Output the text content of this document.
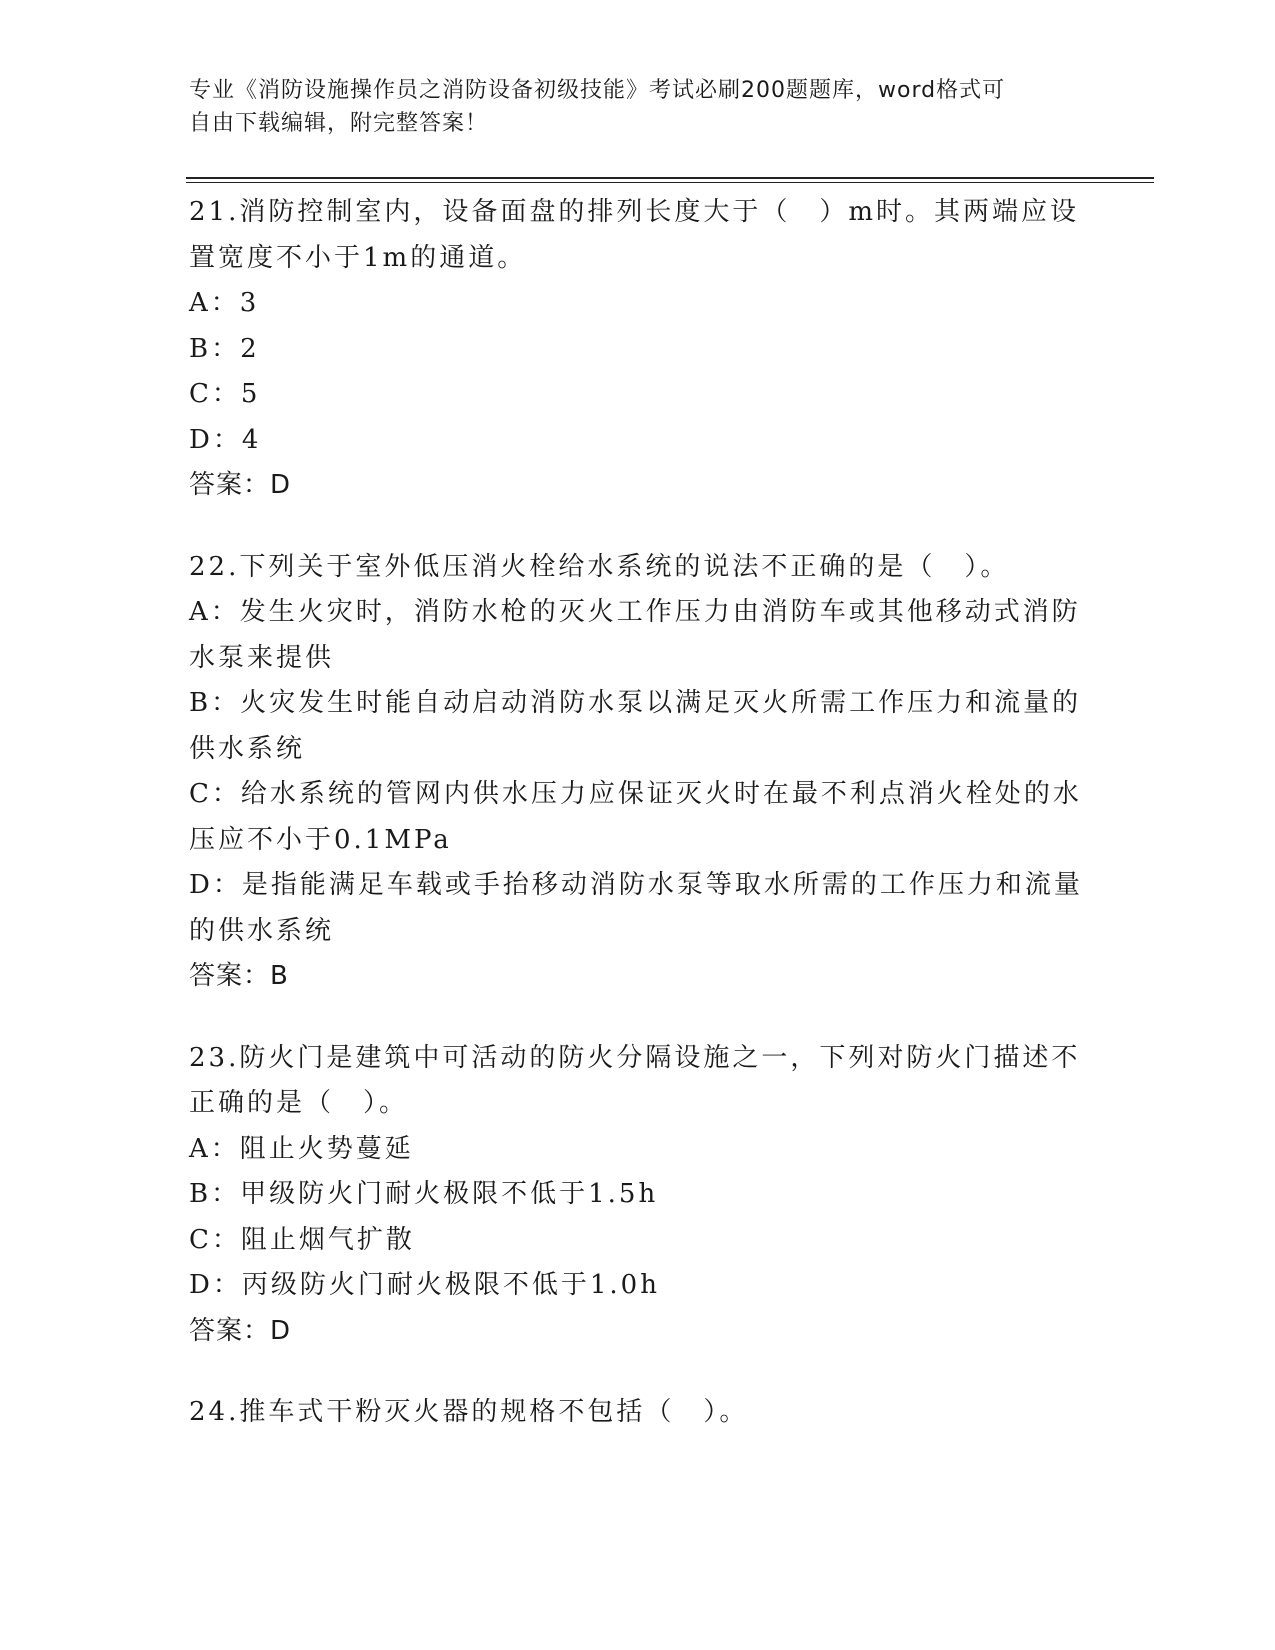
专业《消防设施操作员之消防设备初级技能》考试必刷200题题库，word格式可
自由下载编辑，附完整答案！
21.消防控制室内，设备面盘的排列长度大于（　）m时。其两端应设
置宽度不小于1m的通道。
A：3
B：2
C：5
D：4
答案：D
22.下列关于室外低压消火栓给水系统的说法不正确的是（　）。
A：发生火灾时，消防水枪的灭火工作压力由消防车或其他移动式消防
水泵来提供
B：火灾发生时能自动启动消防水泵以满足灭火所需工作压力和流量的
供水系统
C：给水系统的管网内供水压力应保证灭火时在最不利点消火栓处的水
压应不小于0.1MPa
D：是指能满足车载或手抬移动消防水泵等取水所需的工作压力和流量
的供水系统
答案：B
23.防火门是建筑中可活动的防火分隔设施之一，下列对防火门描述不
正确的是（　）。
A：阻止火势蔓延
B：甲级防火门耐火极限不低于1.5h
C：阻止烟气扩散
D：丙级防火门耐火极限不低于1.0h
答案：D
24.推车式干粉灭火器的规格不包括（　）。
